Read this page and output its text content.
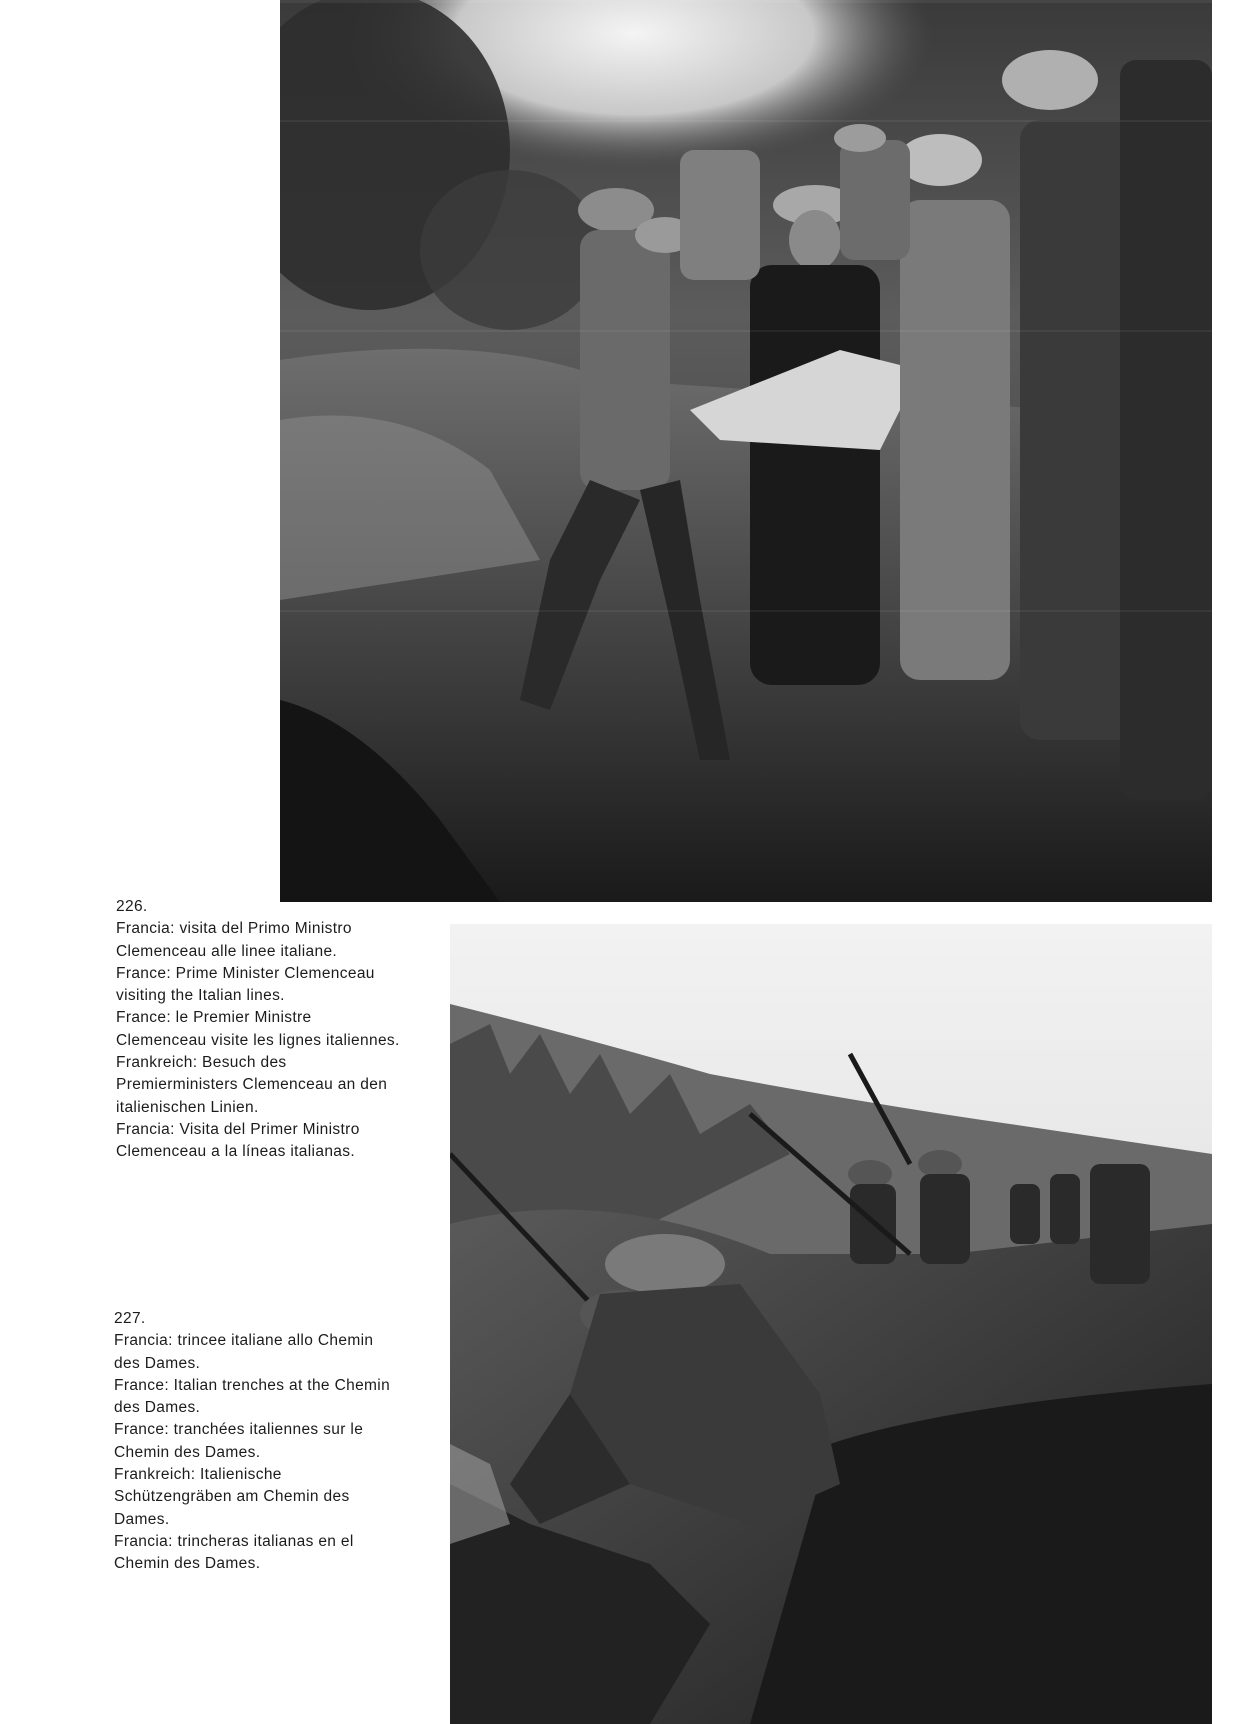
226.
Francia: visita del Primo Ministro
Clemenceau alle linee italiane.
France: Prime Minister Clemenceau
visiting the Italian lines.
France: le Premier Ministre
Clemenceau visite les lignes italiennes.
Frankreich: Besuch des
Premierministers Clemenceau an den
italienischen Linien.
Francia: Visita del Primer Ministro
Clemenceau a la líneas italianas.
227.
Francia: trincee italiane allo Chemin
des Dames.
France: Italian trenches at the Chemin
des Dames.
France: tranchées italiennes sur le
Chemin des Dames.
Frankreich: Italienische
Schützengräben am Chemin des
Dames.
Francia: trincheras italianas en el
Chemin des Dames.
